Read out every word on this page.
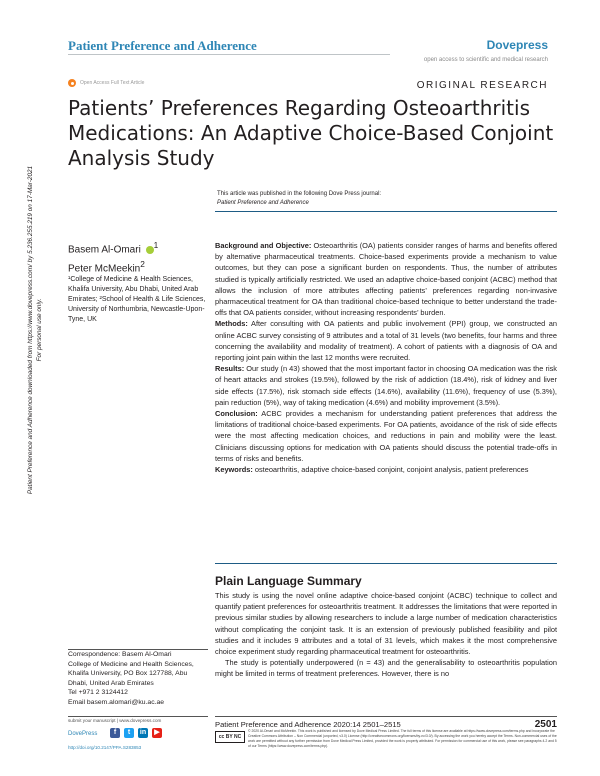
Patient Preference and Adherence	Dovepress
open access to scientific and medical research
Open Access Full Text Article	ORIGINAL RESEARCH
Patients’ Preferences Regarding Osteoarthritis Medications: An Adaptive Choice-Based Conjoint Analysis Study
This article was published in the following Dove Press journal:
Patient Preference and Adherence
Basem Al-Omari $^1$
Peter McMeekin$^2$
¹College of Medicine & Health Sciences, Khalifa University, Abu Dhabi, United Arab Emirates; ²School of Health & Life Sciences, University of Northumbria, Newcastle-Upon-Tyne, UK
Patient Preference and Adherence downloaded from https://www.dovepress.com/ by 5.236.255.219 on 17-Mar-2021 For personal use only.

Background and Objective: Osteoarthritis (OA) patients consider ranges of harms and benefits offered by alternative pharmaceutical treatments. Choice-based experiments provide a mechanism to value outcomes, but they can pose a significant burden on respondents. Thus, the number of attributes studied is typically artificially restricted. We used an adaptive choice-based conjoint (ACBC) method that allows the inclusion of more attributes affecting patients’ preferences regarding non-invasive pharmaceutical treatment for OA than traditional choice-based technique to better understand the trade-offs that OA patients consider, without increasing respondents’ burden.

Methods: After consulting with OA patients and public involvement (PPI) group, we constructed an online ACBC survey consisting of 9 attributes and a total of 31 levels (two benefits, four harms and three concerning the availability and modality of treatment). A cohort of patients with a diagnosis of OA and reporting joint pain within the last 12 months were recruited.

Results: Our study (n 43) showed that the most important factor in choosing OA medication was the risk of heart attacks and strokes (19.5%), followed by the risk of addiction (18.4%), risk of kidney and liver side effects (17.5%), risk stomach side effects (14.6%), availability (11.6%), frequency of use (5.3%), pain reduction (5%), way of taking medication (4.6%) and mobility improvement (3.5%).

Conclusion: ACBC provides a mechanism for understanding patient preferences that address the limitations of traditional choice-based experiments. For OA patients, avoidance of the risk of side effects were the most affecting medication choices, and reductions in pain and mobility were the least. Clinicians discussing options for medication with OA patients should discuss the potential trade-offs in terms of risks and benefits.

Keywords: osteoarthritis, adaptive choice-based conjoint, conjoint analysis, patient preferences

Plain Language Summary

This study is using the novel online adaptive choice-based conjoint (ACBC) technique to collect and quantify patient preferences for osteoarthritis treatment. It addresses the limitations that were reported in previous similar studies by allowing researchers to include a large number of medication characteristics without complicating the conjoint task. It is an extension of previously published feasibility and pilot studies and it includes 9 attributes and a total of 31 levels, which makes it the most comprehensive choice experiment study regarding pharmaceutical treatment for osteoarthritis.

The study is potentially underpowered (n = 43) and the generalisability to osteoarthritis population might be limited in terms of treatment preferences. However, there is no

Correspondence: Basem Al-Omari
College of Medicine and Health Sciences,
Khalifa University, PO Box 127788, Abu
Dhabi, United Arab Emirates
Tel +971 2 3124412
Email basem.alomari@ku.ac.ae
submit your manuscript | www.dovepress.com
DovePress	f	t	in	▶
http://doi.org/10.2147/PPA.S283853
Patient Preference and Adherence 2020:14 2501–2515	2501
cc BY NC
© 2020 Al-Omari and McMeekin. This work is published and licensed by Dove Medical Press Limited. The full terms of this license are available at https://www.dovepress.com/terms.php and incorporate the Creative Commons Attribution – Non Commercial (unported, v3.0) License (http://creativecommons.org/licenses/by-nc/3.0/). By accessing the work you hereby accept the Terms. Non-commercial uses of the work are permitted without any further permission from Dove Medical Press Limited, provided the work is properly attributed. For permission for commercial use of this work, please see paragraphs 4.2 and 5 of our Terms (https://www.dovepress.com/terms.php).
